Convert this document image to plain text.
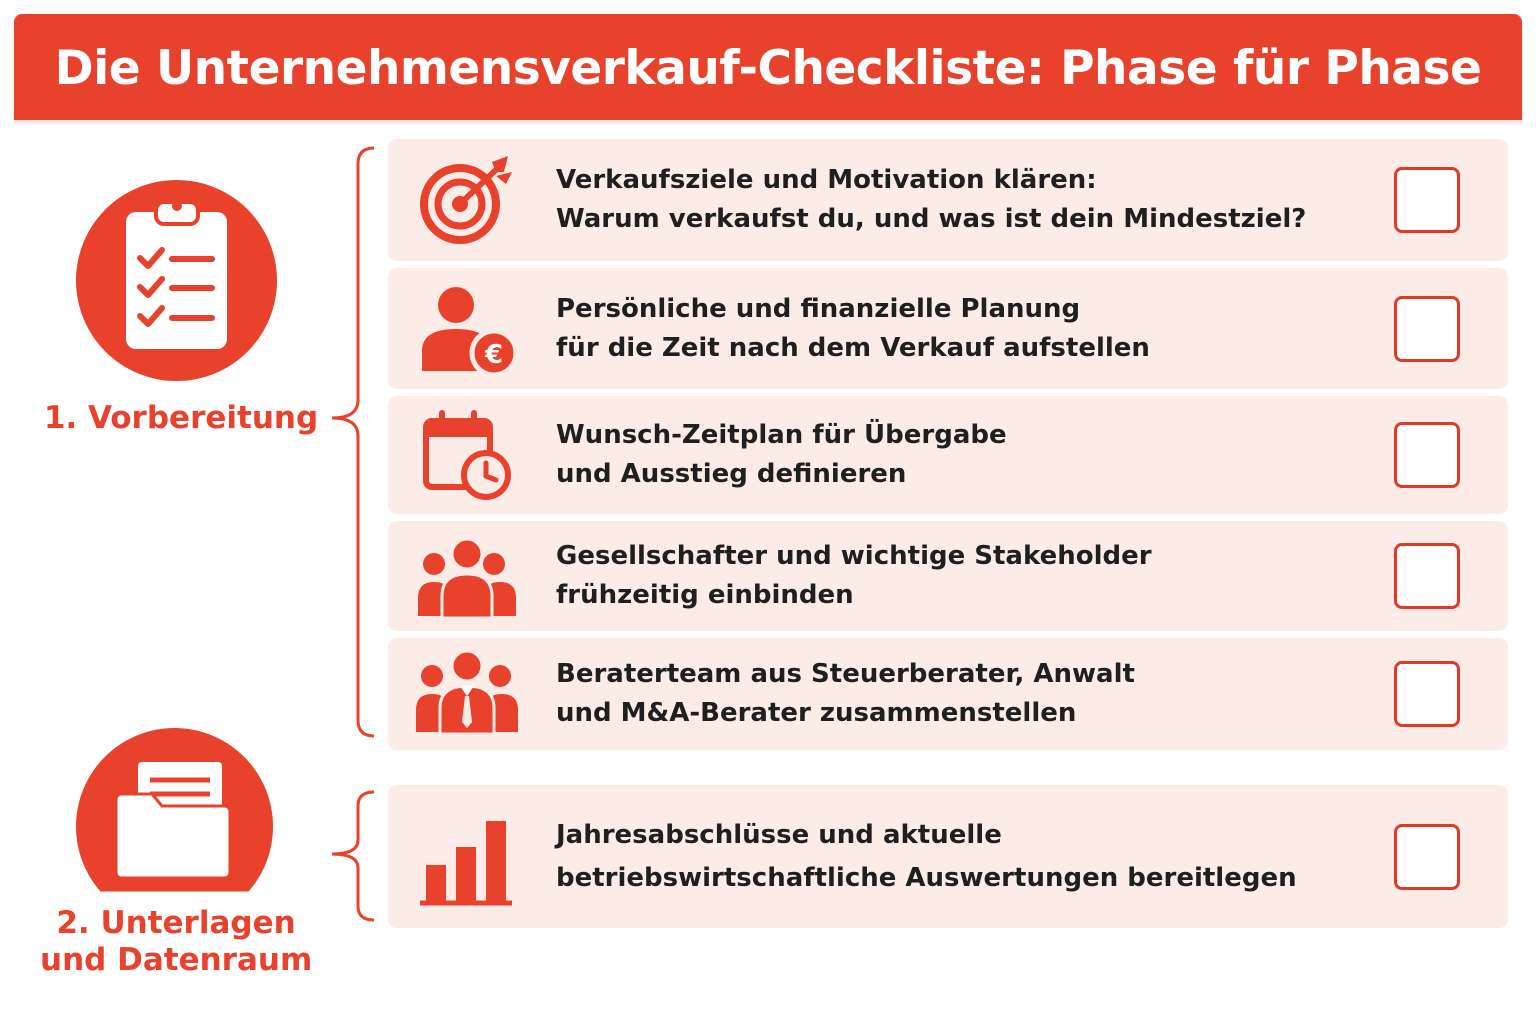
Die Unternehmensverkauf-Checkliste: Phase für Phase
1. Vorbereitung
Verkaufsziele und Motivation klären:
Warum verkaufst du, und was ist dein Mindestziel?
€
Persönliche und finanzielle Planung
für die Zeit nach dem Verkauf aufstellen
Wunsch-Zeitplan für Übergabe
und Ausstieg definieren
Gesellschafter und wichtige Stakeholder
frühzeitig einbinden
Beraterteam aus Steuerberater, Anwalt
und M&A-Berater zusammenstellen
2. Unterlagen
und Datenraum
Jahresabschlüsse und aktuelle
betriebswirtschaftliche Auswertungen bereitlegen
